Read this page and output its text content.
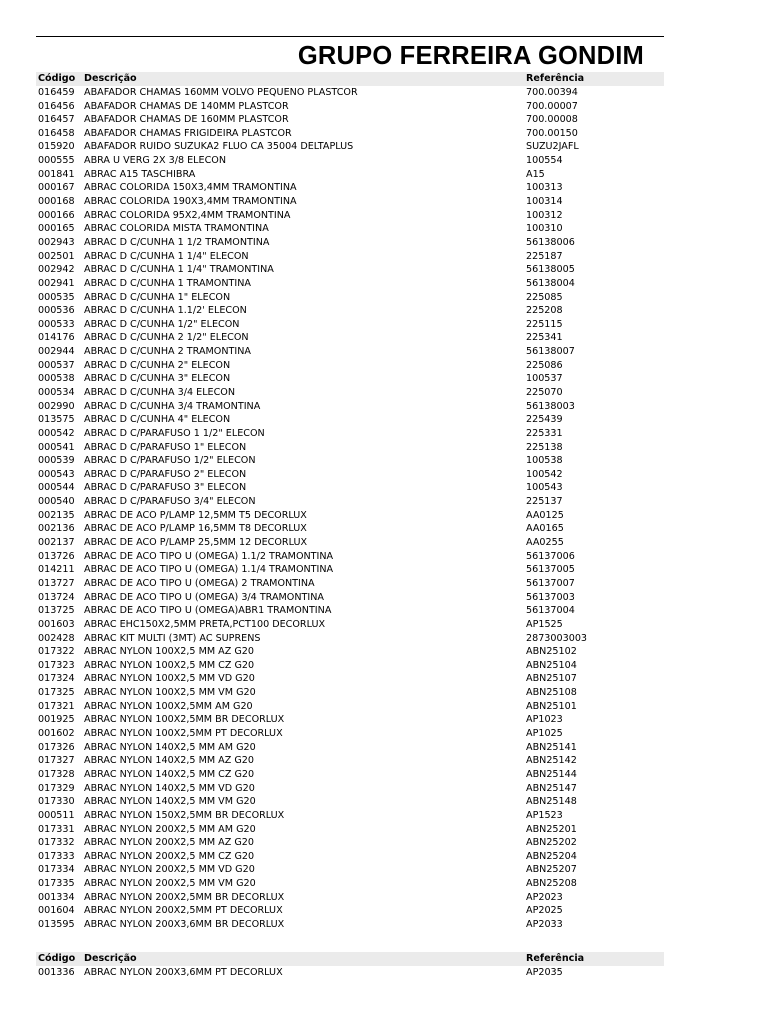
GRUPO FERREIRA GONDIM
Código Descrição	Referência
016459 ABAFADOR CHAMAS 160MM VOLVO PEQUENO PLASTCOR	700.00394
016456 ABAFADOR CHAMAS DE 140MM PLASTCOR	700.00007
016457 ABAFADOR CHAMAS DE 160MM PLASTCOR	700.00008
016458 ABAFADOR CHAMAS FRIGIDEIRA PLASTCOR	700.00150
015920 ABAFADOR RUIDO SUZUKA2 FLUO CA 35004 DELTAPLUS	SUZU2JAFL
000555 ABRA U VERG 2X 3/8 ELECON	100554
001841 ABRAC A15 TASCHIBRA	A15
000167 ABRAC COLORIDA 150X3,4MM TRAMONTINA	100313
000168 ABRAC COLORIDA 190X3,4MM TRAMONTINA	100314
000166 ABRAC COLORIDA 95X2,4MM TRAMONTINA	100312
000165 ABRAC COLORIDA MISTA TRAMONTINA	100310
002943 ABRAC D C/CUNHA 1 1/2 TRAMONTINA	56138006
002501 ABRAC D C/CUNHA 1 1/4" ELECON	225187
002942 ABRAC D C/CUNHA 1 1/4" TRAMONTINA	56138005
002941 ABRAC D C/CUNHA 1 TRAMONTINA	56138004
000535 ABRAC D C/CUNHA 1" ELECON	225085
000536 ABRAC D C/CUNHA 1.1/2' ELECON	225208
000533 ABRAC D C/CUNHA 1/2" ELECON	225115
014176 ABRAC D C/CUNHA 2 1/2" ELECON	225341
002944 ABRAC D C/CUNHA 2 TRAMONTINA	56138007
000537 ABRAC D C/CUNHA 2" ELECON	225086
000538 ABRAC D C/CUNHA 3" ELECON	100537
000534 ABRAC D C/CUNHA 3/4 ELECON	225070
002990 ABRAC D C/CUNHA 3/4 TRAMONTINA	56138003
013575 ABRAC D C/CUNHA 4" ELECON	225439
000542 ABRAC D C/PARAFUSO 1 1/2" ELECON	225331
000541 ABRAC D C/PARAFUSO 1" ELECON	225138
000539 ABRAC D C/PARAFUSO 1/2" ELECON	100538
000543 ABRAC D C/PARAFUSO 2" ELECON	100542
000544 ABRAC D C/PARAFUSO 3" ELECON	100543
000540 ABRAC D C/PARAFUSO 3/4" ELECON	225137
002135 ABRAC DE ACO P/LAMP 12,5MM T5 DECORLUX	AA0125
002136 ABRAC DE ACO P/LAMP 16,5MM T8 DECORLUX	AA0165
002137 ABRAC DE ACO P/LAMP 25,5MM 12 DECORLUX	AA0255
013726 ABRAC DE ACO TIPO U (OMEGA) 1.1/2 TRAMONTINA	56137006
014211 ABRAC DE ACO TIPO U (OMEGA) 1.1/4 TRAMONTINA	56137005
013727 ABRAC DE ACO TIPO U (OMEGA) 2 TRAMONTINA	56137007
013724 ABRAC DE ACO TIPO U (OMEGA) 3/4 TRAMONTINA	56137003
013725 ABRAC DE ACO TIPO U (OMEGA)ABR1 TRAMONTINA	56137004
001603 ABRAC EHC150X2,5MM PRETA,PCT100 DECORLUX	AP1525
002428 ABRAC KIT MULTI (3MT) AC SUPRENS	2873003003
017322 ABRAC NYLON 100X2,5 MM AZ G20	ABN25102
017323 ABRAC NYLON 100X2,5 MM CZ G20	ABN25104
017324 ABRAC NYLON 100X2,5 MM VD G20	ABN25107
017325 ABRAC NYLON 100X2,5 MM VM G20	ABN25108
017321 ABRAC NYLON 100X2,5MM AM G20	ABN25101
001925 ABRAC NYLON 100X2,5MM BR DECORLUX	AP1023
001602 ABRAC NYLON 100X2,5MM PT DECORLUX	AP1025
017326 ABRAC NYLON 140X2,5 MM AM G20	ABN25141
017327 ABRAC NYLON 140X2,5 MM AZ G20	ABN25142
017328 ABRAC NYLON 140X2,5 MM CZ G20	ABN25144
017329 ABRAC NYLON 140X2,5 MM VD G20	ABN25147
017330 ABRAC NYLON 140X2,5 MM VM G20	ABN25148
000511 ABRAC NYLON 150X2,5MM BR DECORLUX	AP1523
017331 ABRAC NYLON 200X2,5 MM AM G20	ABN25201
017332 ABRAC NYLON 200X2,5 MM AZ G20	ABN25202
017333 ABRAC NYLON 200X2,5 MM CZ G20	ABN25204
017334 ABRAC NYLON 200X2,5 MM VD G20	ABN25207
017335 ABRAC NYLON 200X2,5 MM VM G20	ABN25208
001334 ABRAC NYLON 200X2,5MM BR DECORLUX	AP2023
001604 ABRAC NYLON 200X2,5MM PT DECORLUX	AP2025
013595 ABRAC NYLON 200X3,6MM BR DECORLUX	AP2033
Código Descrição	Referência
001336 ABRAC NYLON 200X3,6MM PT DECORLUX	AP2035
